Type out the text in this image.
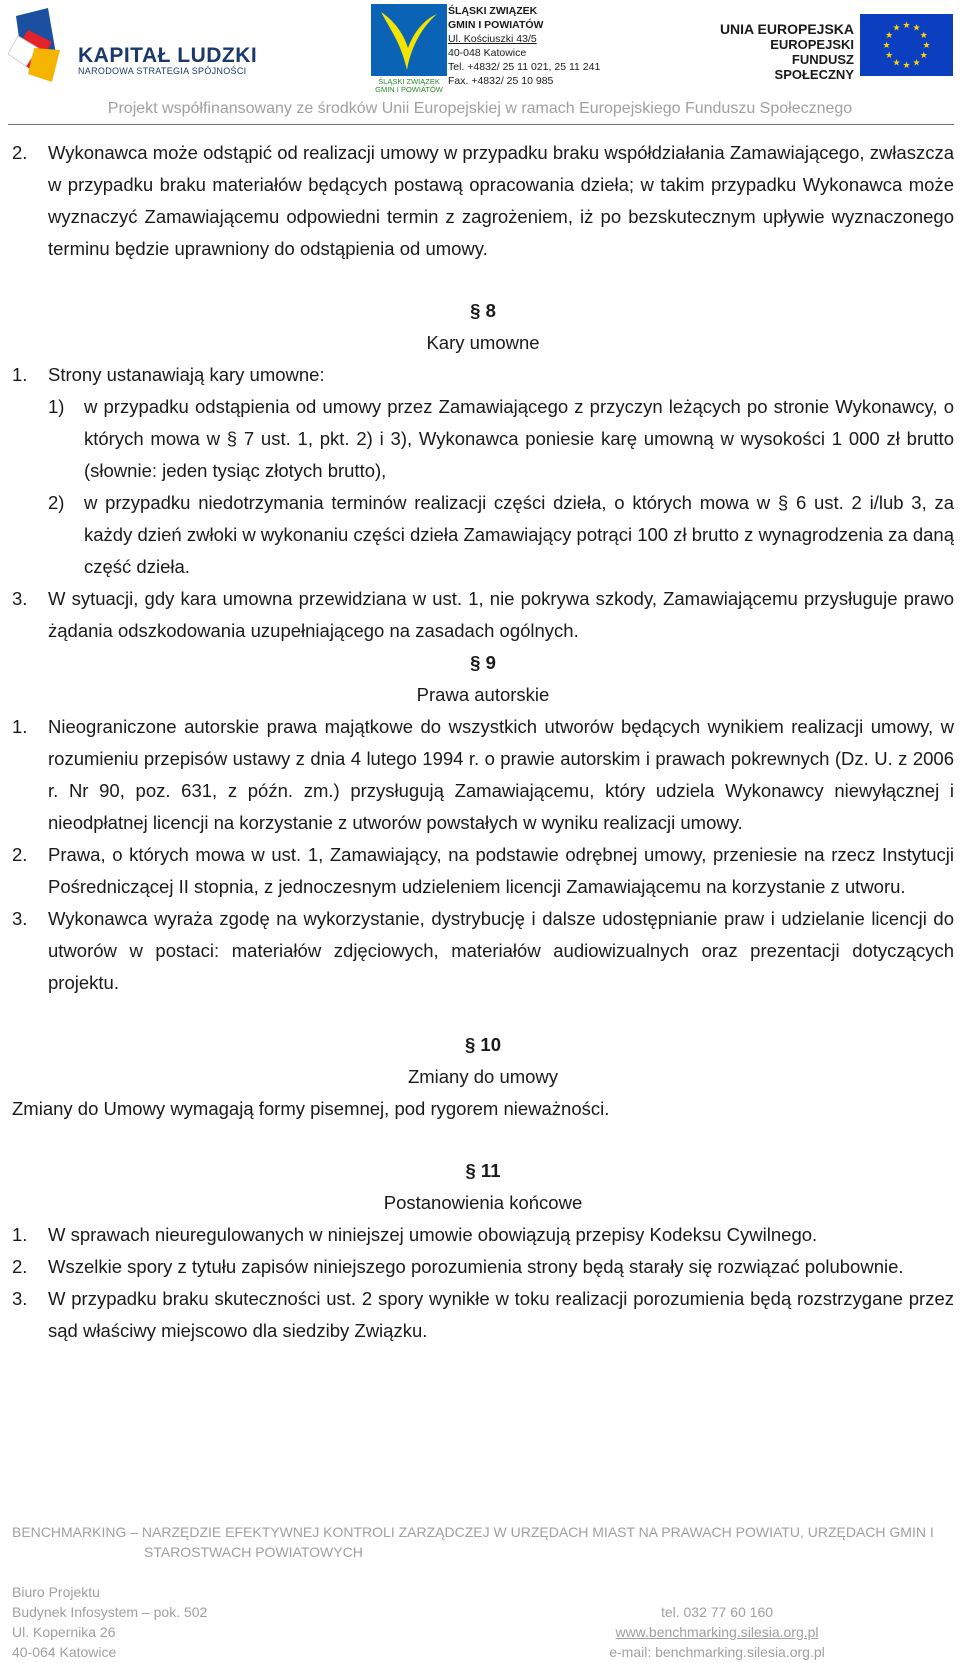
KAPITAŁ LUDZKI
NARODOWA STRATEGIA SPÓJNOŚCI
ŚLĄSKI ZWIĄZEK
GMIN I POWIATÓW
ŚLĄSKI ZWIĄZEK
GMIN I POWIATÓW
Ul. Kościuszki 43/5
40-048 Katowice
Tel. +4832/ 25 11 021, 25 11 241
Fax. +4832/ 25 10 985
UNIA EUROPEJSKA
EUROPEJSKI
FUNDUSZ SPOŁECZNY
★ ★
★
★
★
★
★
★
★
★
★
★
Projekt współfinansowany ze środków Unii Europejskiej w ramach Europejskiego Funduszu Społecznego
2.	Wykonawca może odstąpić od realizacji umowy w przypadku braku współdziałania Zamawiającego, zwłaszcza w przypadku braku materiałów będących postawą opracowania dzieła; w takim przypadku Wykonawca może wyznaczyć Zamawiającemu odpowiedni termin z zagrożeniem, iż po bezskutecznym upływie wyznaczonego terminu będzie uprawniony do odstąpienia od umowy.
§ 8
Kary umowne
1.	Strony ustanawiają kary umowne:
1)	w przypadku odstąpienia od umowy przez Zamawiającego z przyczyn leżących po stronie Wykonawcy, o których mowa w § 7 ust. 1, pkt. 2) i 3), Wykonawca poniesie karę umowną w wysokości 1 000 zł brutto (słownie: jeden tysiąc złotych brutto),
2)	w przypadku niedotrzymania terminów realizacji części dzieła, o których mowa w § 6 ust. 2 i/lub 3, za każdy dzień zwłoki w wykonaniu części dzieła Zamawiający potrąci 100 zł brutto z wynagrodzenia za daną część dzieła.
3.	W sytuacji, gdy kara umowna przewidziana w ust. 1, nie pokrywa szkody, Zamawiającemu przysługuje prawo żądania odszkodowania uzupełniającego na zasadach ogólnych.
§ 9
Prawa autorskie
1.	Nieograniczone autorskie prawa majątkowe do wszystkich utworów będących wynikiem realizacji umowy, w rozumieniu przepisów ustawy z dnia 4 lutego 1994 r. o prawie autorskim i prawach pokrewnych (Dz. U. z 2006 r. Nr 90, poz. 631, z późn. zm.) przysługują Zamawiającemu, który udziela Wykonawcy niewyłącznej i nieodpłatnej licencji na korzystanie z utworów powstałych w wyniku realizacji umowy.
2.	Prawa, o których mowa w ust. 1, Zamawiający, na podstawie odrębnej umowy, przeniesie na rzecz Instytucji Pośredniczącej II stopnia, z jednoczesnym udzieleniem licencji Zamawiającemu na korzystanie z utworu.
3.	Wykonawca wyraża zgodę na wykorzystanie, dystrybucję i dalsze udostępnianie praw i udzielanie licencji do utworów w postaci: materiałów zdjęciowych, materiałów audiowizualnych oraz prezentacji dotyczących projektu.
§ 10
Zmiany do umowy
Zmiany do Umowy wymagają formy pisemnej, pod rygorem nieważności.
§ 11
Postanowienia końcowe
1.	W sprawach nieuregulowanych w niniejszej umowie obowiązują przepisy Kodeksu Cywilnego.
2.	Wszelkie spory z tytułu zapisów niniejszego porozumienia strony będą starały się rozwiązać polubownie.
3.	W przypadku braku skuteczności ust. 2 spory wynikłe w toku realizacji porozumienia będą rozstrzygane przez sąd właściwy miejscowo dla siedziby Związku.
BENCHMARKING – NARZĘDZIE EFEKTYWNEJ KONTROLI ZARZĄDCZEJ W URZĘDACH MIAST NA PRAWACH POWIATU, URZĘDACH GMIN I
STAROSTWACH POWIATOWYCH
Biuro Projektu
Budynek Infosystem – pok. 502
Ul. Kopernika 26
40-064 Katowice
tel. 032 77 60 160
www.benchmarking.silesia.org.pl
e-mail: benchmarking.silesia.org.pl
